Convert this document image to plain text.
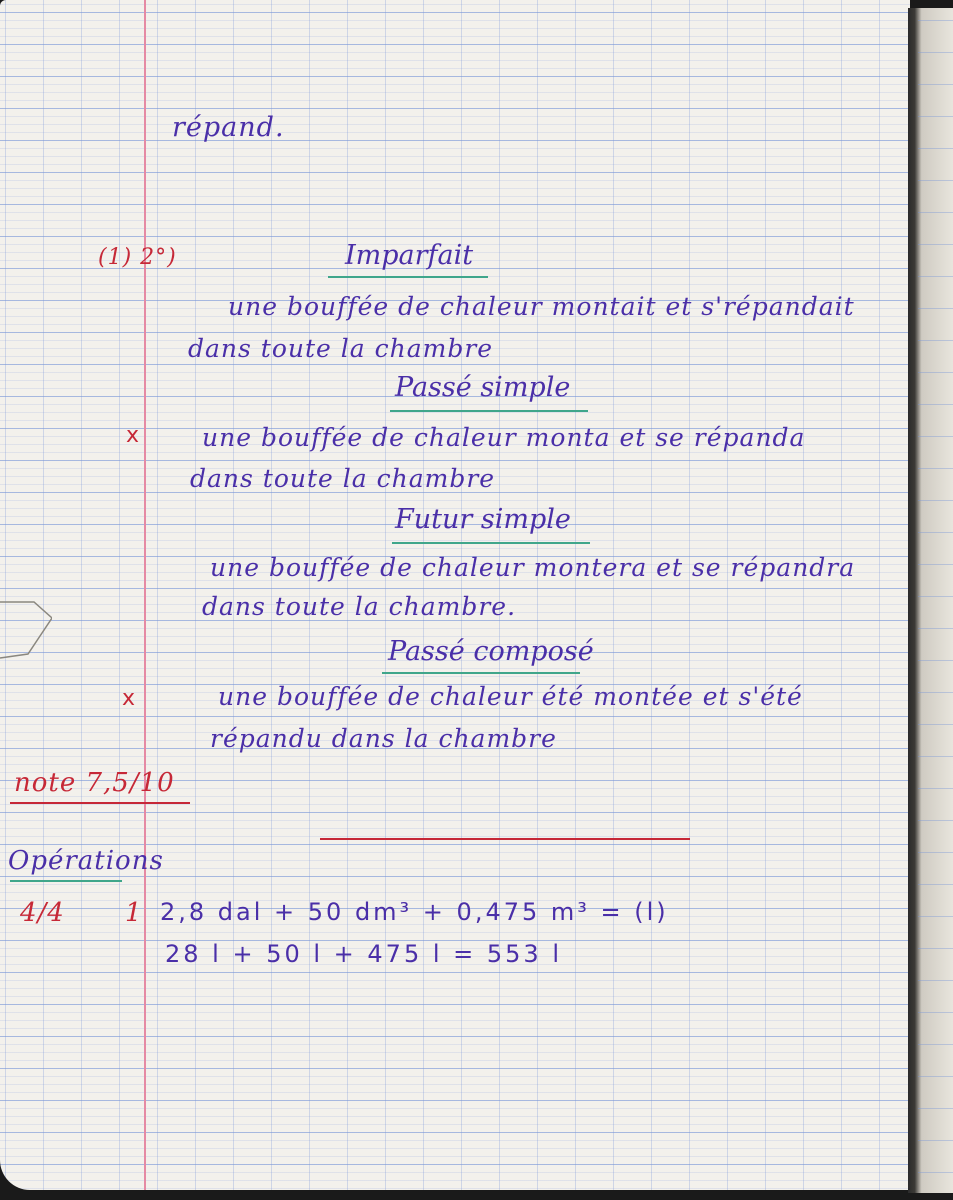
répand.
(1) 2°)	Imparfait
une bouffée de chaleur montait et s'répandait
dans toute la chambre
Passé simple
x	une bouffée de chaleur monta et se répanda
dans toute la chambre
Futur simple
une bouffée de chaleur montera et se répandra
dans toute la chambre.
Passé composé
x	une bouffée de chaleur été montée et s'été
répandu dans la chambre
note 7,5/10
Opérations
4/4 1 2,8 dal + 50 dm³ + 0,475 m³ = (l)
28 l + 50 l + 475 l = 553 l
